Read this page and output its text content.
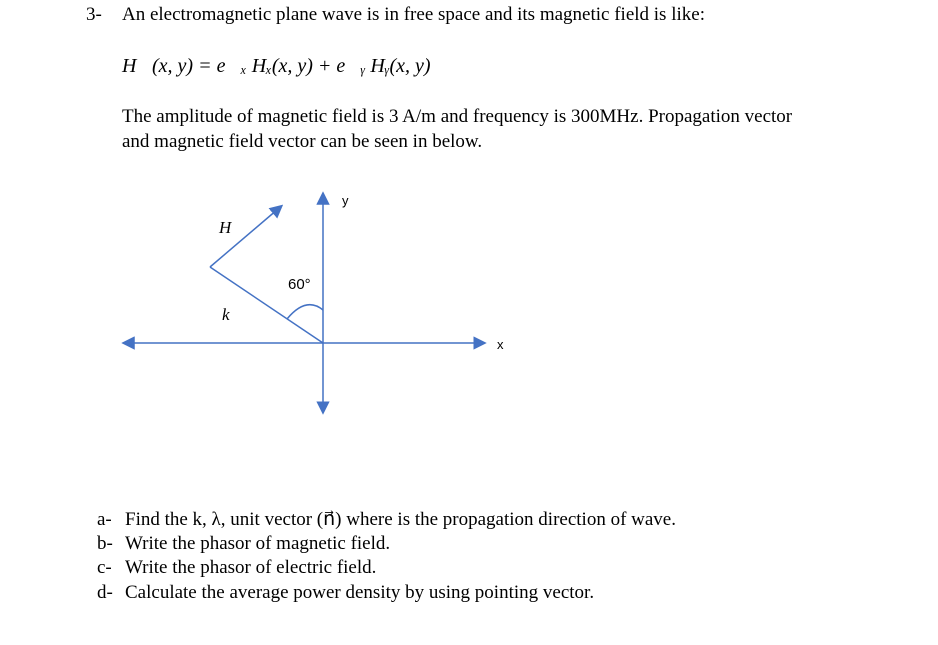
3- An electromagnetic plane wave is in free space and its magnetic field is like:
H⃗(x, y) = e⃗ₓ Hₓ(x, y) + e⃗ᵧ Hᵧ(x, y)
The amplitude of magnetic field is 3 A/m and frequency is 300MHz. Propagation vector and magnetic field vector can be seen in below.
y
x
H⃗
k⃗
60°
a- Find the k, λ, unit vector (n⃗) where is the propagation direction of wave.
b- Write the phasor of magnetic field.
c- Write the phasor of electric field.
d- Calculate the average power density by using pointing vector.
